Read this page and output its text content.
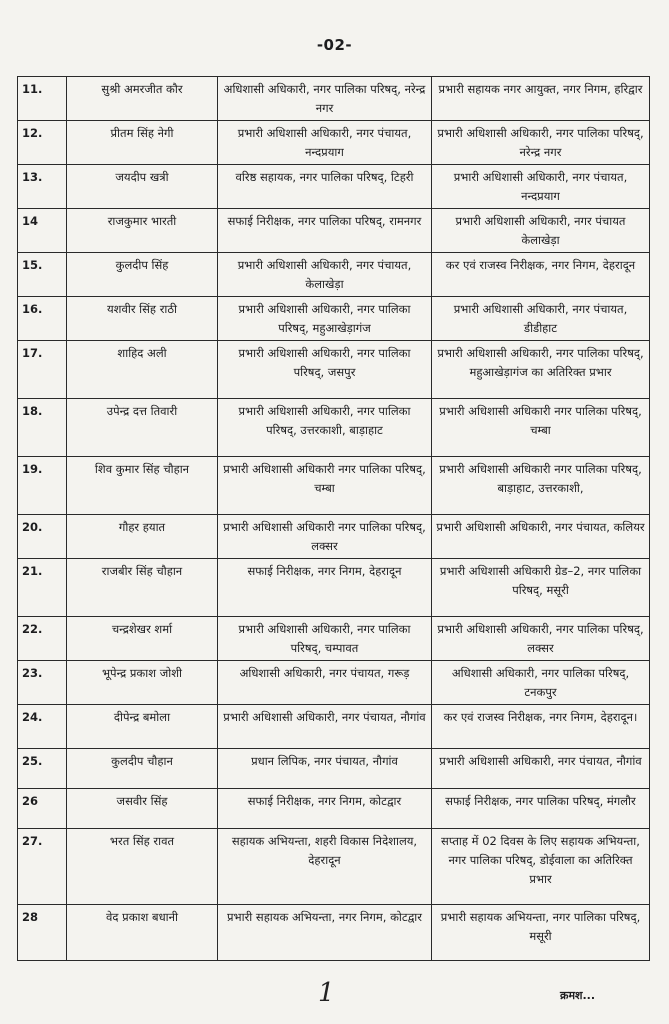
-02-
11.	सुश्री अमरजीत कौर	अधिशासी अधिकारी, नगर पालिका परिषद्, नरेन्द्र नगर	प्रभारी सहायक नगर आयुक्त, नगर निगम, हरिद्वार
12.	प्रीतम सिंह नेगी	प्रभारी अधिशासी अधिकारी, नगर पंचायत, नन्दप्रयाग	प्रभारी अधिशासी अधिकारी, नगर पालिका परिषद्, नरेन्द्र नगर
13.	जयदीप खत्री	वरिष्ठ सहायक, नगर पालिका परिषद्, टिहरी	प्रभारी अधिशासी अधिकारी, नगर पंचायत, नन्दप्रयाग
14	राजकुमार भारती	सफाई निरीक्षक, नगर पालिका परिषद्, रामनगर	प्रभारी अधिशासी अधिकारी, नगर पंचायत केलाखेड़ा
15.	कुलदीप सिंह	प्रभारी अधिशासी अधिकारी, नगर पंचायत, केलाखेड़ा	कर एवं राजस्व निरीक्षक, नगर निगम, देहरादून
16.	यशवीर सिंह राठी	प्रभारी अधिशासी अधिकारी, नगर पालिका परिषद्, महुआखेड़ागंज	प्रभारी अधिशासी अधिकारी, नगर पंचायत, डीडीहाट
17.	शाहिद अली	प्रभारी अधिशासी अधिकारी, नगर पालिका परिषद्, जसपुर	प्रभारी अधिशासी अधिकारी, नगर पालिका परिषद्, महुआखेड़ागंज का अतिरिक्त प्रभार
18.	उपेन्द्र दत्त तिवारी	प्रभारी अधिशासी अधिकारी, नगर पालिका परिषद्, उत्तरकाशी, बाड़ाहाट	प्रभारी अधिशासी अधिकारी नगर पालिका परिषद्, चम्बा
19.	शिव कुमार सिंह चौहान	प्रभारी अधिशासी अधिकारी नगर पालिका परिषद्, चम्बा	प्रभारी अधिशासी अधिकारी नगर पालिका परिषद्, बाड़ाहाट, उत्तरकाशी,
20.	गौहर हयात	प्रभारी अधिशासी अधिकारी नगर पालिका परिषद्, लक्सर	प्रभारी अधिशासी अधिकारी, नगर पंचायत, कलियर
21.	राजबीर सिंह चौहान	सफाई निरीक्षक, नगर निगम, देहरादून	प्रभारी अधिशासी अधिकारी ग्रेड–2, नगर पालिका परिषद्, मसूरी
22.	चन्द्रशेखर शर्मा	प्रभारी अधिशासी अधिकारी, नगर पालिका परिषद्, चम्पावत	प्रभारी अधिशासी अधिकारी, नगर पालिका परिषद्, लक्सर
23.	भूपेन्द्र प्रकाश जोशी	अधिशासी अधिकारी, नगर पंचायत, गरूड़	अधिशासी अधिकारी, नगर पालिका परिषद्, टनकपुर
24.	दीपेन्द्र बमोला	प्रभारी अधिशासी अधिकारी, नगर पंचायत, नौगांव	कर एवं राजस्व निरीक्षक, नगर निगम, देहरादून।
25.	कुलदीप चौहान	प्रधान लिपिक, नगर पंचायत, नौगांव	प्रभारी अधिशासी अधिकारी, नगर पंचायत, नौगांव
26	जसवीर सिंह	सफाई निरीक्षक, नगर निगम, कोटद्वार	सफाई निरीक्षक, नगर पालिका परिषद्, मंगलौर
27.	भरत सिंह रावत	सहायक अभियन्ता, शहरी विकास निदेशालय, देहरादून	सप्ताह में 02 दिवस के लिए सहायक अभियन्ता, नगर पालिका परिषद्, डोईवाला का अतिरिक्त प्रभार
28	वेद प्रकाश बधानी	प्रभारी सहायक अभियन्ता, नगर निगम, कोटद्वार	प्रभारी सहायक अभियन्ता, नगर पालिका परिषद्, मसूरी
1	क्रमश...
